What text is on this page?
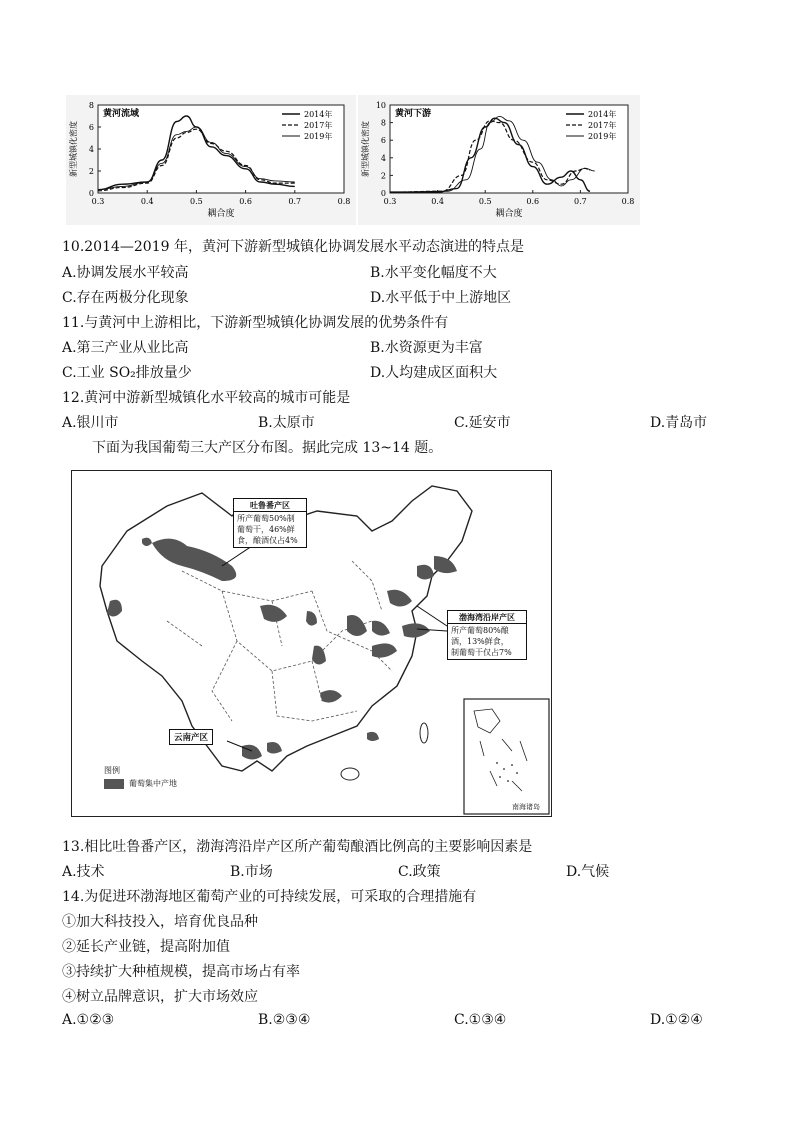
0.3	0.4	0.5	0.6	0.7	0.8
0
2
4
6
8
黄河流域
耦合度
新型城镇化密度
2014年
2017年
2019年
0.3	0.4	0.5	0.6	0.7	0.8
0
2
4
6
8
10
黄河下游
耦合度
新型城镇化密度
2014年
2017年
2019年
10.2014—2019 年，黄河下游新型城镇化协调发展水平动态演进的特点是
A.协调发展水平较高	B.水平变化幅度不大
C.存在两极分化现象	D.水平低于中上游地区
11.与黄河中上游相比，下游新型城镇化协调发展的优势条件有
A.第三产业从业比高	B.水资源更为丰富
C.工业 SO₂排放量少	D.人均建成区面积大
12.黄河中游新型城镇化水平较高的城市可能是
A.银川市	B.太原市	C.延安市	D.青岛市
下面为我国葡萄三大产区分布图。据此完成 13~14 题。
吐鲁番产区
所产葡萄50%制
葡萄干，46%鲜
食，酿酒仅占4%
渤海湾沿岸产区
所产葡萄80%酿
酒，13%鲜食，
制葡萄干仅占7%
云南产区
图例
葡萄集中产地
南海诸岛
13.相比吐鲁番产区，渤海湾沿岸产区所产葡萄酿酒比例高的主要影响因素是
A.技术	B.市场	C.政策	D.气候
14.为促进环渤海地区葡萄产业的可持续发展，可采取的合理措施有
①加大科技投入，培育优良品种
②延长产业链，提高附加值
③持续扩大种植规模，提高市场占有率
④树立品牌意识，扩大市场效应
A.①②③	B.②③④	C.①③④	D.①②④
